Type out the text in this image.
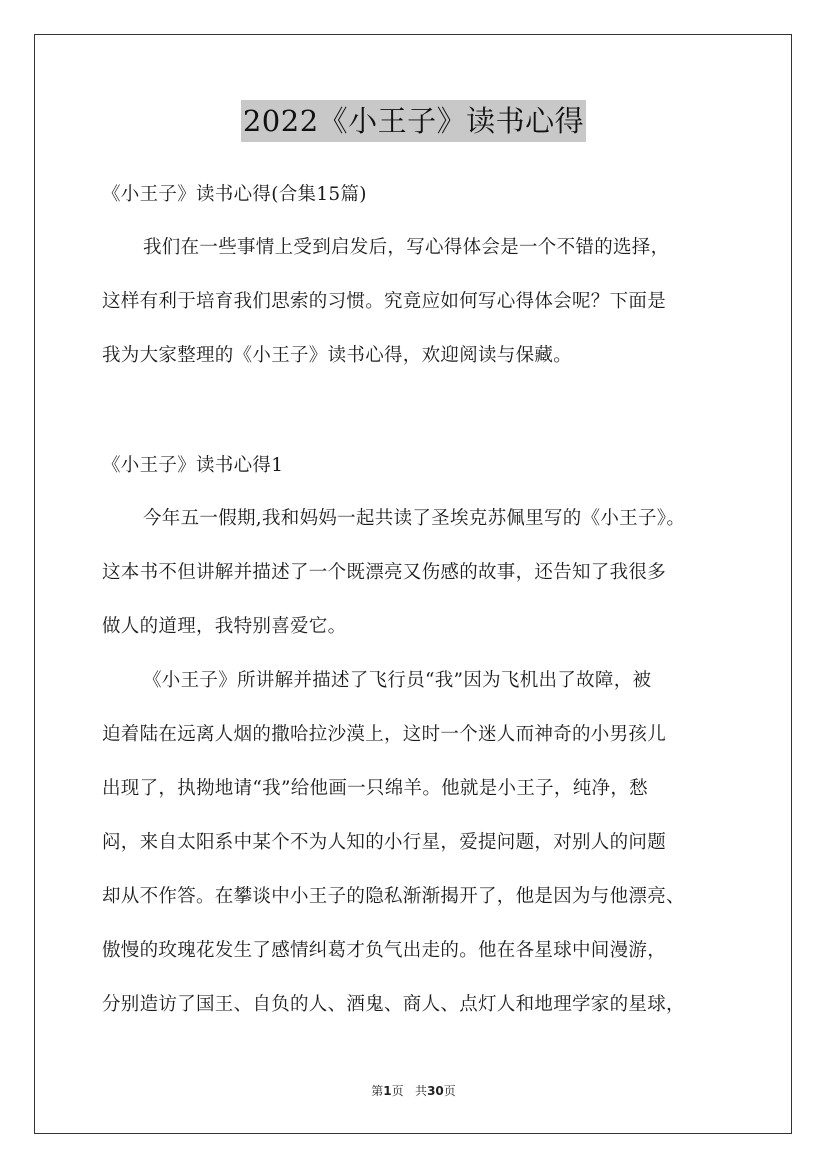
2022《小王子》读书心得
《小王子》读书心得(合集15篇)
我们在一些事情上受到启发后，写心得体会是一个不错的选择，
这样有利于培育我们思索的习惯。究竟应如何写心得体会呢？下面是
我为大家整理的《小王子》读书心得，欢迎阅读与保藏。
《小王子》读书心得1
今年五一假期,我和妈妈一起共读了圣埃克苏佩里写的《小王子》。
这本书不但讲解并描述了一个既漂亮又伤感的故事，还告知了我很多
做人的道理，我特别喜爱它。
《小王子》所讲解并描述了飞行员“我”因为飞机出了故障，被
迫着陆在远离人烟的撒哈拉沙漠上，这时一个迷人而神奇的小男孩儿
出现了，执拗地请“我”给他画一只绵羊。他就是小王子，纯净，愁
闷，来自太阳系中某个不为人知的小行星，爱提问题，对别人的问题
却从不作答。在攀谈中小王子的隐私渐渐揭开了，他是因为与他漂亮、
傲慢的玫瑰花发生了感情纠葛才负气出走的。他在各星球中间漫游，
分别造访了国王、自负的人、酒鬼、商人、点灯人和地理学家的星球，
第1页 共30页
